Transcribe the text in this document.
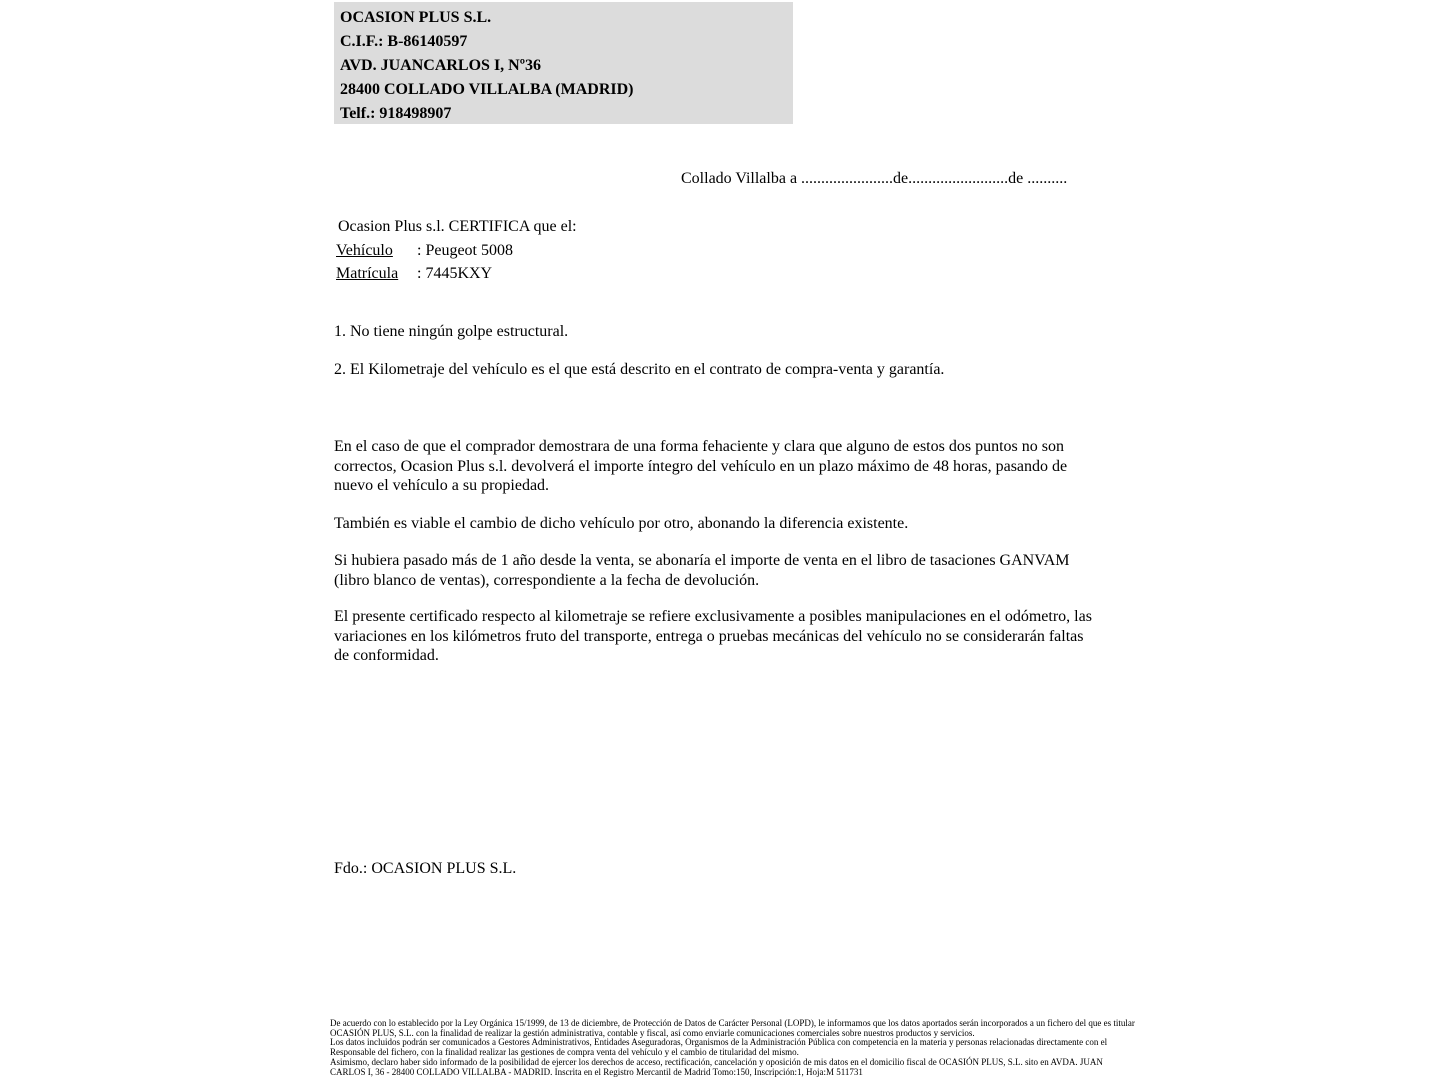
OCASION PLUS S.L.
C.I.F.: B-86140597
AVD. JUANCARLOS I, Nº36
28400 COLLADO VILLALBA (MADRID)
Telf.: 918498907
Collado Villalba a .......................de.........................de ..........
Ocasion Plus s.l. CERTIFICA que el:
Vehículo : Peugeot 5008
Matrícula : 7445KXY
1. No tiene ningún golpe estructural.
2. El Kilometraje del vehículo es el que está descrito en el contrato de compra-venta y garantía.

En el caso de que el comprador demostrara de una forma fehaciente y clara que alguno de estos dos puntos no son correctos, Ocasion Plus s.l. devolverá el importe íntegro del vehículo en un plazo máximo de 48 horas, pasando de nuevo el vehículo a su propiedad.

También es viable el cambio de dicho vehículo por otro, abonando la diferencia existente.

Si hubiera pasado más de 1 año desde la venta, se abonaría el importe de venta en el libro de tasaciones GANVAM (libro blanco de ventas), correspondiente a la fecha de devolución.

El presente certificado respecto al kilometraje se refiere exclusivamente a posibles manipulaciones en el odómetro, las variaciones en los kilómetros fruto del transporte, entrega o pruebas mecánicas del vehículo no se considerarán faltas de conformidad.

Fdo.: OCASION PLUS S.L.
De acuerdo con lo establecido por la Ley Orgánica 15/1999, de 13 de diciembre, de Protección de Datos de Carácter Personal (LOPD), le informamos que los datos aportados serán incorporados a un fichero del que es titular
OCASIÓN PLUS, S.L. con la finalidad de realizar la gestión administrativa, contable y fiscal, así como enviarle comunicaciones comerciales sobre nuestros productos y servicios.
Los datos incluidos podrán ser comunicados a Gestores Administrativos, Entidades Aseguradoras, Organismos de la Administración Pública con competencia en la materia y personas relacionadas directamente con el
Responsable del fichero, con la finalidad realizar las gestiones de compra venta del vehículo y el cambio de titularidad del mismo.
Asimismo, declaro haber sido informado de la posibilidad de ejercer los derechos de acceso, rectificación, cancelación y oposición de mis datos en el domicilio fiscal de OCASIÓN PLUS, S.L. sito en AVDA. JUAN
CARLOS I, 36 - 28400 COLLADO VILLALBA - MADRID. Inscrita en el Registro Mercantil de Madrid Tomo:150, Inscripción:1, Hoja:M 511731
